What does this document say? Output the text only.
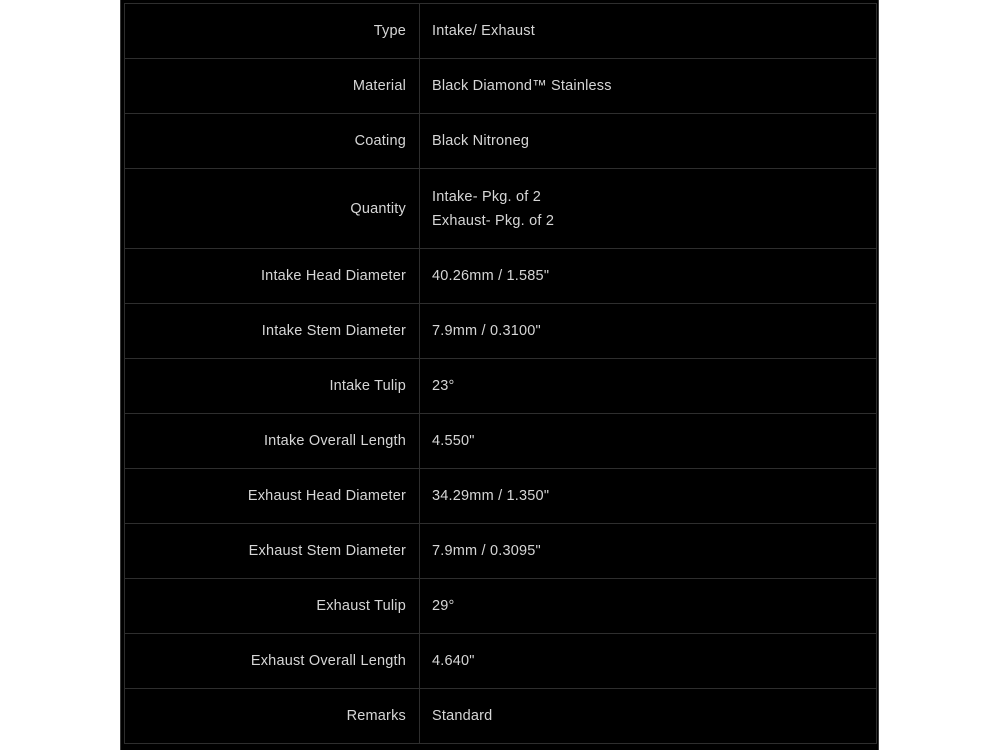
Type	Intake/ Exhaust
Material	Black Diamond™ Stainless
Coating	Black Nitroneg
Quantity	Intake- Pkg. of 2
Exhaust- Pkg. of 2

Intake Head Diameter	40.26mm / 1.585"
Intake Stem Diameter	7.9mm / 0.3100"
Intake Tulip	23°
Intake Overall Length	4.550"
Exhaust Head Diameter	34.29mm / 1.350"
Exhaust Stem Diameter	7.9mm / 0.3095"
Exhaust Tulip	29°
Exhaust Overall Length	4.640"
Remarks	Standard
